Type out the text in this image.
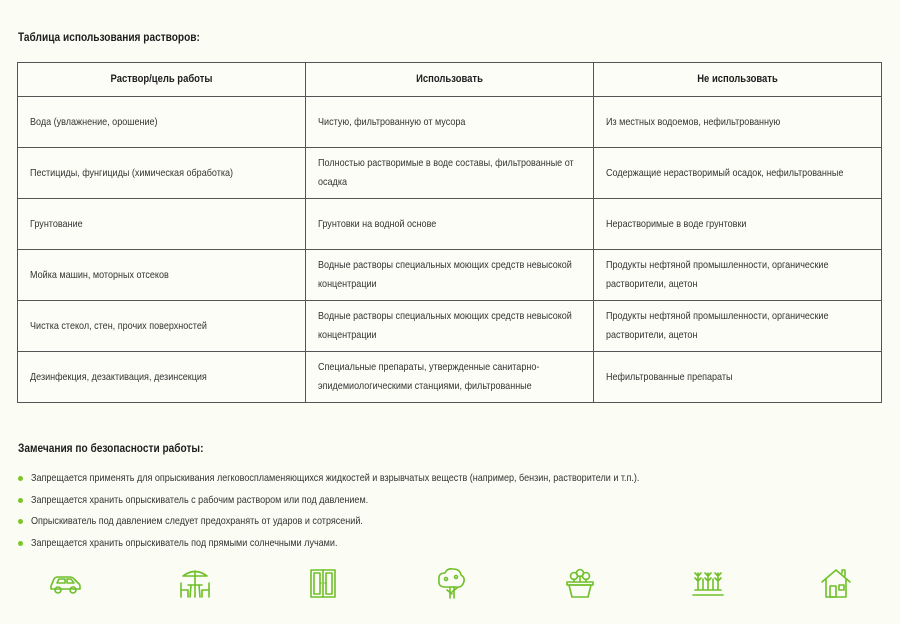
Таблица использования растворов:
Раствор/цель работы	Использовать	Не использовать

Вода (увлажнение, орошение)	Чистую, фильтрованную от мусора	Из местных водоемов, нефильтрованную

Пестициды, фунгициды (химическая обработка)	Полностью растворимые в воде составы, фильтрованные от осадка	Содержащие нерастворимый осадок, нефильтрованные

Грунтование	Грунтовки на водной основе	Нерастворимые в воде грунтовки

Мойка машин, моторных отсеков	Водные растворы специальных моющих средств невысокой концентрации	Продукты нефтяной промышленности, органические растворители, ацетон

Чистка стекол, стен, прочих поверхностей	Водные растворы специальных моющих средств невысокой концентрации	Продукты нефтяной промышленности, органические растворители, ацетон

Дезинфекция, дезактивация, дезинсекция	Специальные препараты, утвержденные санитарно-эпидемиологическими станциями, фильтрованные	Нефильтрованные препараты
Замечания по безопасности работы:
Запрещается применять для опрыскивания легковоспламеняющихся жидкостей и взрывчатых веществ (например, бензин, растворители и т.п.).
Запрещается хранить опрыскиватель с рабочим раствором или под давлением.
Опрыскиватель под давлением следует предохранять от ударов и сотрясений.
Запрещается хранить опрыскиватель под прямыми солнечными лучами.
